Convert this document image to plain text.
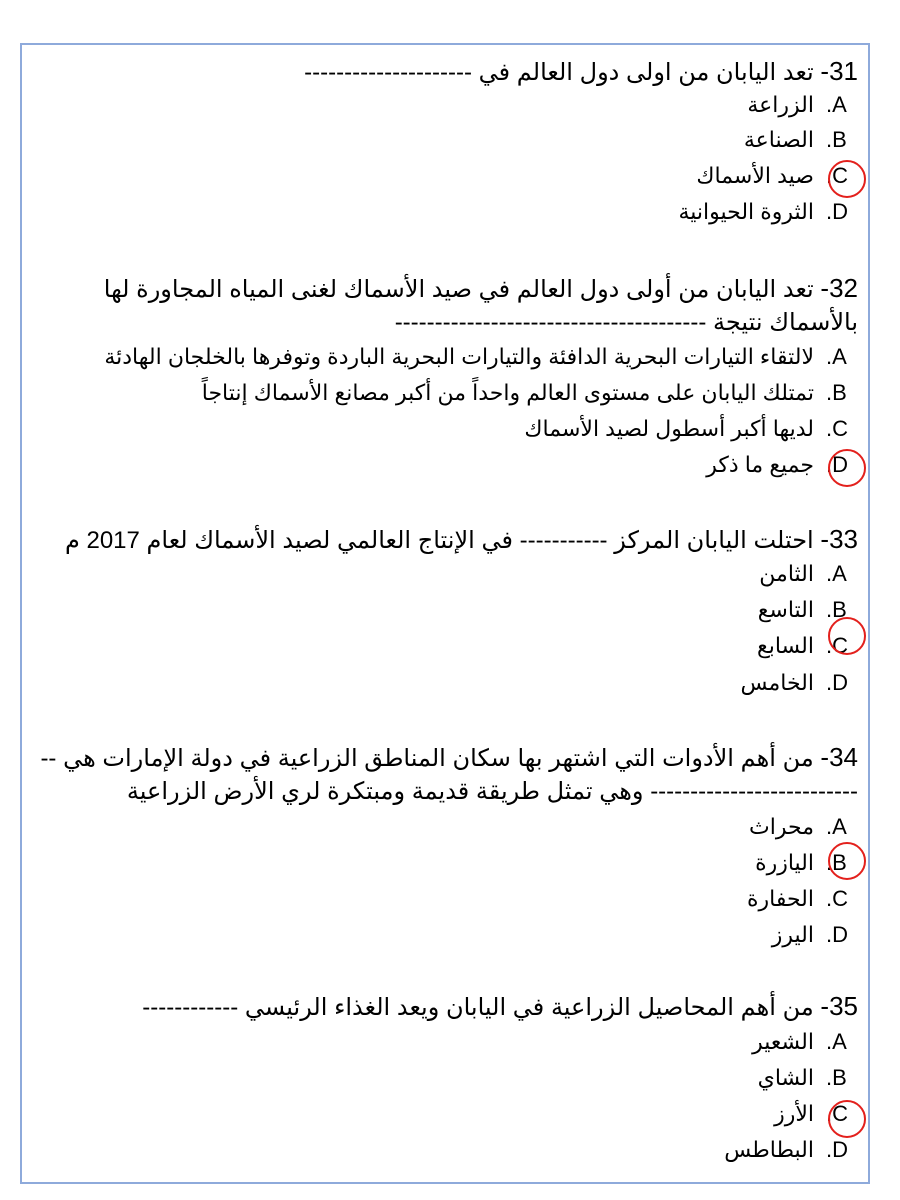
31- تعد اليابان من اولى دول العالم في ---------------------
A.الزراعة
B.الصناعة
C.صيد الأسماك
D.الثروة الحيوانية
32- تعد اليابان من أولى دول العالم في صيد الأسماك لغنى المياه المجاورة لها
بالأسماك نتيجة ---------------------------------------
A.لالتقاء التيارات البحرية الدافئة والتيارات البحرية الباردة وتوفرها بالخلجان الهادئة
B.تمتلك اليابان على مستوى العالم واحداً من أكبر مصانع الأسماك إنتاجاً
C.لديها أكبر أسطول لصيد الأسماك
D.جميع ما ذكر
33- احتلت اليابان المركز ----------- في الإنتاج العالمي لصيد الأسماك لعام 2017 م
A.الثامن
B.التاسع
C.السابع
D.الخامس
34- من أهم الأدوات التي اشتهر بها سكان المناطق الزراعية في دولة الإمارات هي --
-------------------------- وهي تمثل طريقة قديمة ومبتكرة لري الأرض الزراعية
A.محراث
B.اليازرة
C.الحفارة
D.اليرز
35- من أهم المحاصيل الزراعية في اليابان ويعد الغذاء الرئيسي ------------
A.الشعير
B.الشاي
C.الأرز
D.البطاطس
